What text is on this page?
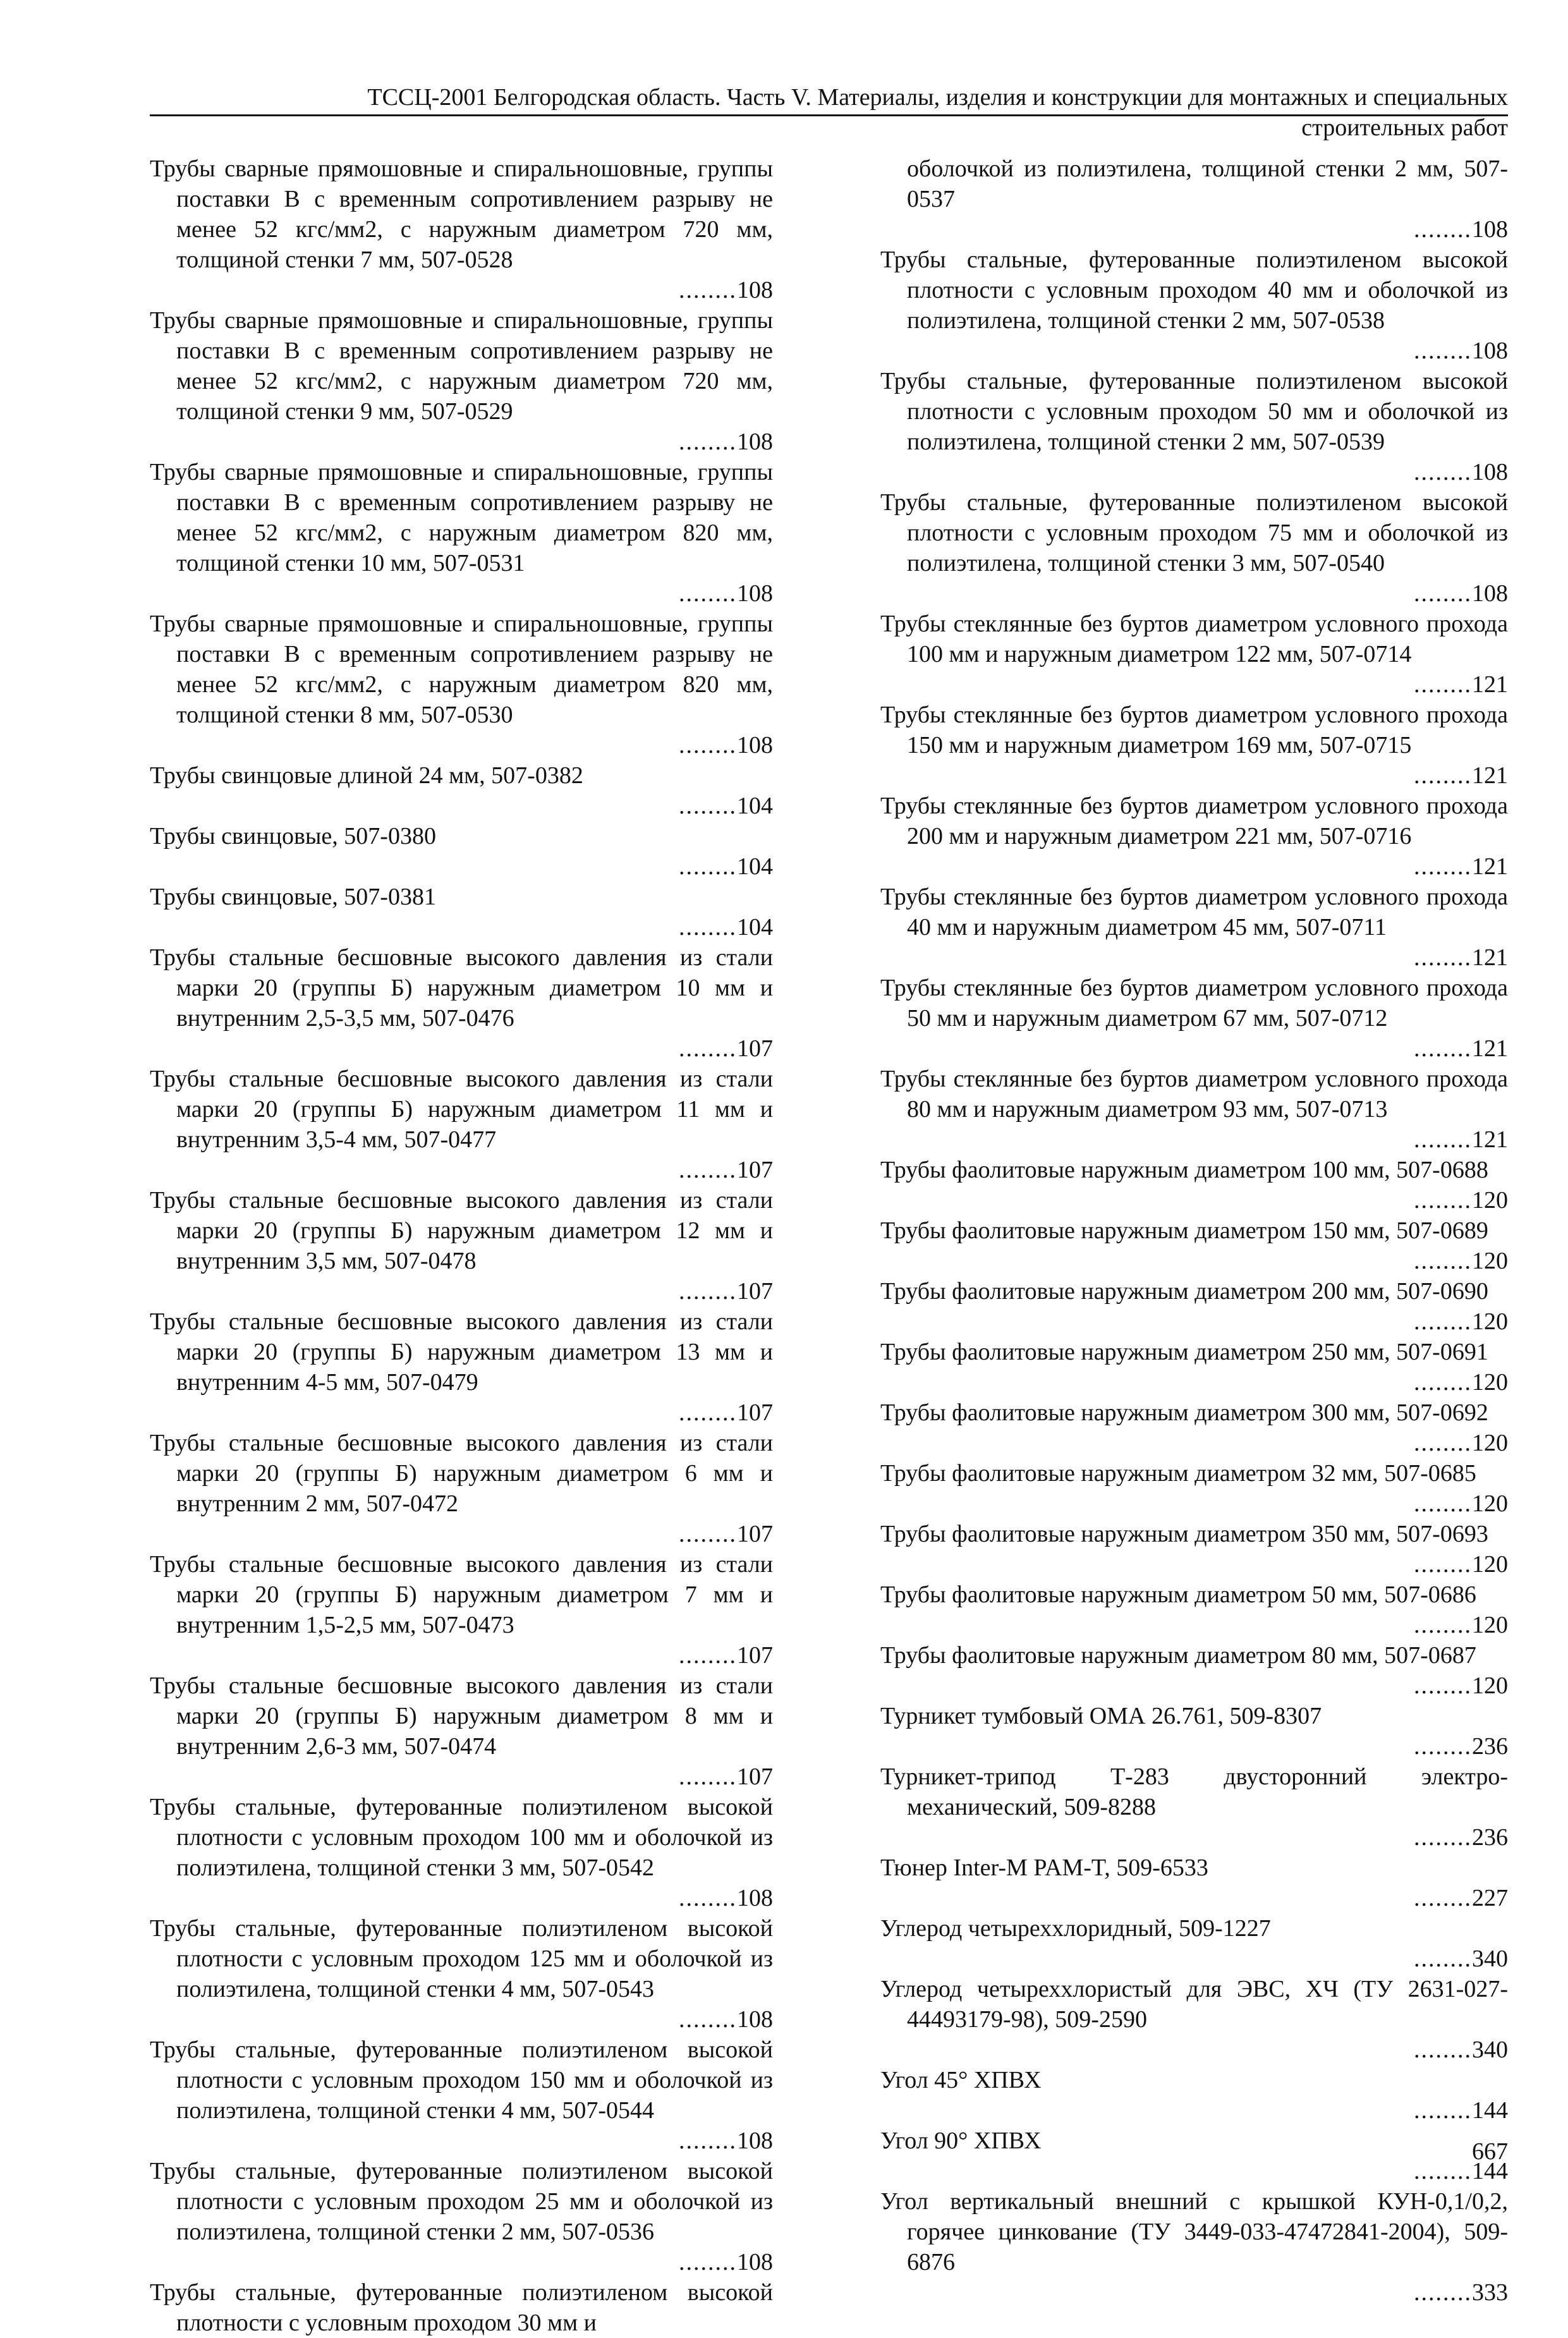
ТССЦ-2001 Белгородская область. Часть V. Материалы, изделия и конструкции для монтажных и специальных
строительных работ

Трубы сварные прямошовные и спиральношовные, группы поставки В с временным сопротивлением разрыву не менее 52 кгс/мм2, с наружным диаметром 720 мм, толщиной стенки 7 мм, 507-0528
........108

Трубы сварные прямошовные и спиральношовные, группы поставки В с временным сопротивлением разрыву не менее 52 кгс/мм2, с наружным диаметром 720 мм, толщиной стенки 9 мм, 507-0529
........108

Трубы сварные прямошовные и спиральношовные, группы поставки В с временным сопротивлением разрыву не менее 52 кгс/мм2, с наружным диаметром 820 мм, толщиной стенки 10 мм, 507-0531
........108

Трубы сварные прямошовные и спиральношовные, группы поставки В с временным сопротивлением разрыву не менее 52 кгс/мм2, с наружным диаметром 820 мм, толщиной стенки 8 мм, 507-0530
........108

Трубы свинцовые длиной 24 мм, 507-0382
........104

Трубы свинцовые, 507-0380
........104

Трубы свинцовые, 507-0381
........104

Трубы стальные бесшовные высокого давления из стали марки 20 (группы Б) наружным диаметром 10 мм и внутренним 2,5-3,5 мм, 507-0476
........107

Трубы стальные бесшовные высокого давления из стали марки 20 (группы Б) наружным диаметром 11 мм и внутренним 3,5-4 мм, 507-0477
........107

Трубы стальные бесшовные высокого давления из стали марки 20 (группы Б) наружным диаметром 12 мм и внутренним 3,5 мм, 507-0478
........107

Трубы стальные бесшовные высокого давления из стали марки 20 (группы Б) наружным диаметром 13 мм и внутренним 4-5 мм, 507-0479
........107

Трубы стальные бесшовные высокого давления из стали марки 20 (группы Б) наружным диаметром 6 мм и внутренним 2 мм, 507-0472
........107

Трубы стальные бесшовные высокого давления из стали марки 20 (группы Б) наружным диаметром 7 мм и внутренним 1,5-2,5 мм, 507-0473
........107

Трубы стальные бесшовные высокого давления из стали марки 20 (группы Б) наружным диаметром 8 мм и внутренним 2,6-3 мм, 507-0474
........107

Трубы стальные, футерованные полиэтиленом высокой плотности с условным проходом 100 мм и оболочкой из полиэтилена, толщиной стенки 3 мм, 507-0542
........108

Трубы стальные, футерованные полиэтиленом высокой плотности с условным проходом 125 мм и оболочкой из полиэтилена, толщиной стенки 4 мм, 507-0543
........108

Трубы стальные, футерованные полиэтиленом высокой плотности с условным проходом 150 мм и оболочкой из полиэтилена, толщиной стенки 4 мм, 507-0544
........108

Трубы стальные, футерованные полиэтиленом высокой плотности с условным проходом 25 мм и оболочкой из полиэтилена, толщиной стенки 2 мм, 507-0536
........108

Трубы стальные, футерованные полиэтиленом высокой плотности с условным проходом 30 мм и

оболочкой из полиэтилена, толщиной стенки 2 мм, 507-0537
........108

Трубы стальные, футерованные полиэтиленом высокой плотности с условным проходом 40 мм и оболочкой из полиэтилена, толщиной стенки 2 мм, 507-0538
........108

Трубы стальные, футерованные полиэтиленом высокой плотности с условным проходом 50 мм и оболочкой из полиэтилена, толщиной стенки 2 мм, 507-0539
........108

Трубы стальные, футерованные полиэтиленом высокой плотности с условным проходом 75 мм и оболочкой из полиэтилена, толщиной стенки 3 мм, 507-0540
........108

Трубы стеклянные без буртов диаметром условного прохода 100 мм и наружным диаметром 122 мм, 507-0714
........121

Трубы стеклянные без буртов диаметром условного прохода 150 мм и наружным диаметром 169 мм, 507-0715
........121

Трубы стеклянные без буртов диаметром условного прохода 200 мм и наружным диаметром 221 мм, 507-0716
........121

Трубы стеклянные без буртов диаметром условного прохода 40 мм и наружным диаметром 45 мм, 507-0711
........121

Трубы стеклянные без буртов диаметром условного прохода 50 мм и наружным диаметром 67 мм, 507-0712
........121

Трубы стеклянные без буртов диаметром условного прохода 80 мм и наружным диаметром 93 мм, 507-0713
........121

Трубы фаолитовые наружным диаметром 100 мм, 507-0688
........120

Трубы фаолитовые наружным диаметром 150 мм, 507-0689
........120

Трубы фаолитовые наружным диаметром 200 мм, 507-0690
........120

Трубы фаолитовые наружным диаметром 250 мм, 507-0691
........120

Трубы фаолитовые наружным диаметром 300 мм, 507-0692
........120

Трубы фаолитовые наружным диаметром 32 мм, 507-0685
........120

Трубы фаолитовые наружным диаметром 350 мм, 507-0693
........120

Трубы фаолитовые наружным диаметром 50 мм, 507-0686
........120

Трубы фаолитовые наружным диаметром 80 мм, 507-0687
........120

Турникет тумбовый ОМА 26.761, 509-8307
........236

Турникет-трипод Т-283 двусторонний электро-механический, 509-8288
........236

Тюнер Inter-M PAM-T, 509-6533
........227

Углерод четыреххлоридный, 509-1227
........340

Углерод четыреххлористый для ЭВС, ХЧ (ТУ 2631-027-44493179-98), 509-2590
........340

Угол 45° ХПВХ
........144

Угол 90° ХПВХ
........144

Угол вертикальный внешний с крышкой КУН-0,1/0,2, горячее цинкование (ТУ 3449-033-47472841-2004), 509-6876
........333

667
